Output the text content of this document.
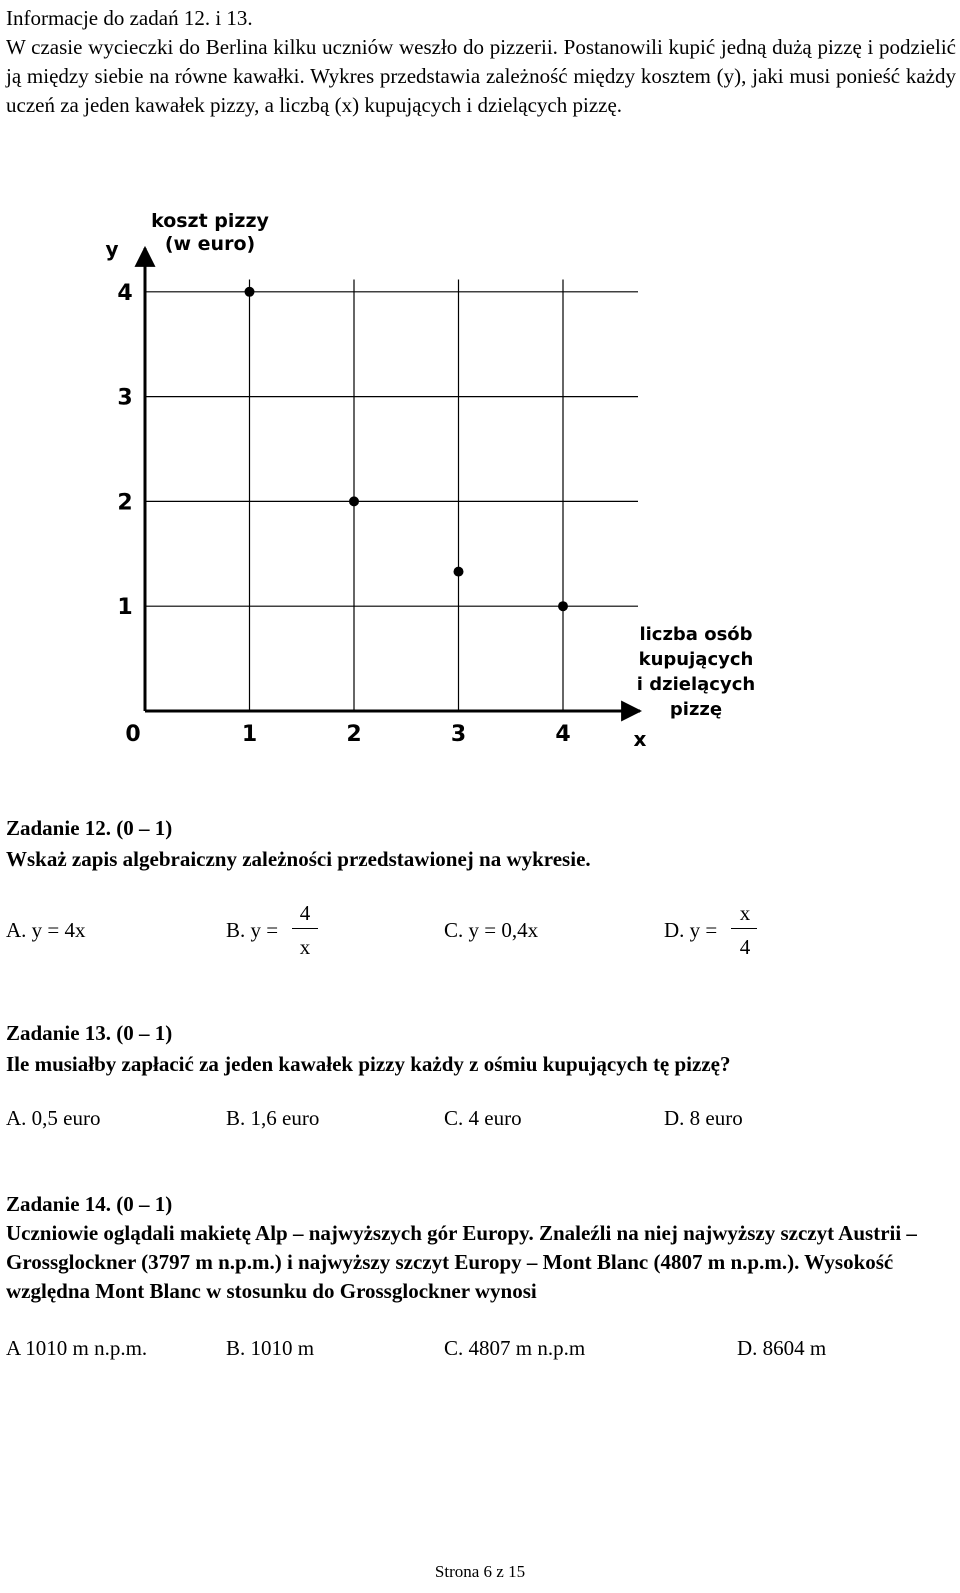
Informacje do zadań 12. i 13.

W czasie wycieczki do Berlina kilku uczniów weszło do pizzerii. Postanowili kupić jedną dużą pizzę i podzielić ją między siebie na równe kawałki. Wykres przedstawia zależność między kosztem (y), jaki musi ponieść każdy uczeń za jeden kawałek pizzy, a liczbą (x) kupujących i dzielących pizzę.

0	1	2	3	4
1
2
3
4
y
koszt pizzy
(w euro)
liczba osób
kupujących
i dzielących
pizzę
x
Zadanie 12. (0 – 1)
Wskaż zapis algebraiczny zależności przedstawionej na wykresie.
A. y = 4x	B. y =
4
x
C. y = 0,4x	D. y =
x
4
Zadanie 13. (0 – 1)
Ile musiałby zapłacić za jeden kawałek pizzy każdy z ośmiu kupujących tę pizzę?
A. 0,5 euro	B. 1,6 euro	C. 4 euro	D. 8 euro
Zadanie 14. (0 – 1)
Uczniowie oglądali makietę Alp – najwyższych gór Europy. Znaleźli na niej najwyższy szczyt Austrii – Grossglockner (3797 m n.p.m.) i najwyższy szczyt Europy – Mont Blanc (4807 m n.p.m.). Wysokość względna Mont Blanc w stosunku do Grossglockner wynosi
A 1010 m n.p.m.	B. 1010 m	C. 4807 m n.p.m	D. 8604 m
Strona 6 z 15
